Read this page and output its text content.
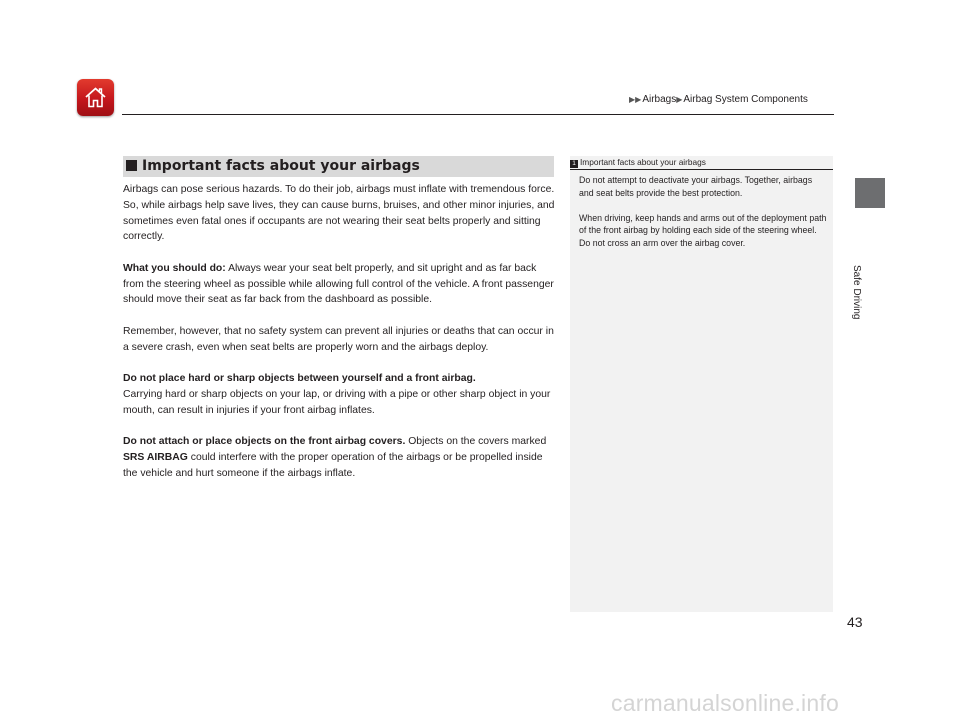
▶▶Airbags▶Airbag System Components
Safe Driving
Important facts about your airbags

Airbags can pose serious hazards. To do their job, airbags must inflate with tremendous force. So, while airbags help save lives, they can cause burns, bruises, and other minor injuries, and sometimes even fatal ones if occupants are not wearing their seat belts properly and sitting correctly.

What you should do: Always wear your seat belt properly, and sit upright and as far back from the steering wheel as possible while allowing full control of the vehicle. A front passenger should move their seat as far back from the dashboard as possible.

Remember, however, that no safety system can prevent all injuries or deaths that can occur in a severe crash, even when seat belts are properly worn and the airbags deploy.

Do not place hard or sharp objects between yourself and a front airbag.
Carrying hard or sharp objects on your lap, or driving with a pipe or other sharp object in your mouth, can result in injuries if your front airbag inflates.

Do not attach or place objects on the front airbag covers. Objects on the covers marked SRS AIRBAG could interfere with the proper operation of the airbags or be propelled inside the vehicle and hurt someone if the airbags inflate.

1 Important facts about your airbags

Do not attempt to deactivate your airbags. Together, airbags and seat belts provide the best protection.

When driving, keep hands and arms out of the deployment path of the front airbag by holding each side of the steering wheel. Do not cross an arm over the airbag cover.

43
carmanualsonline.info
